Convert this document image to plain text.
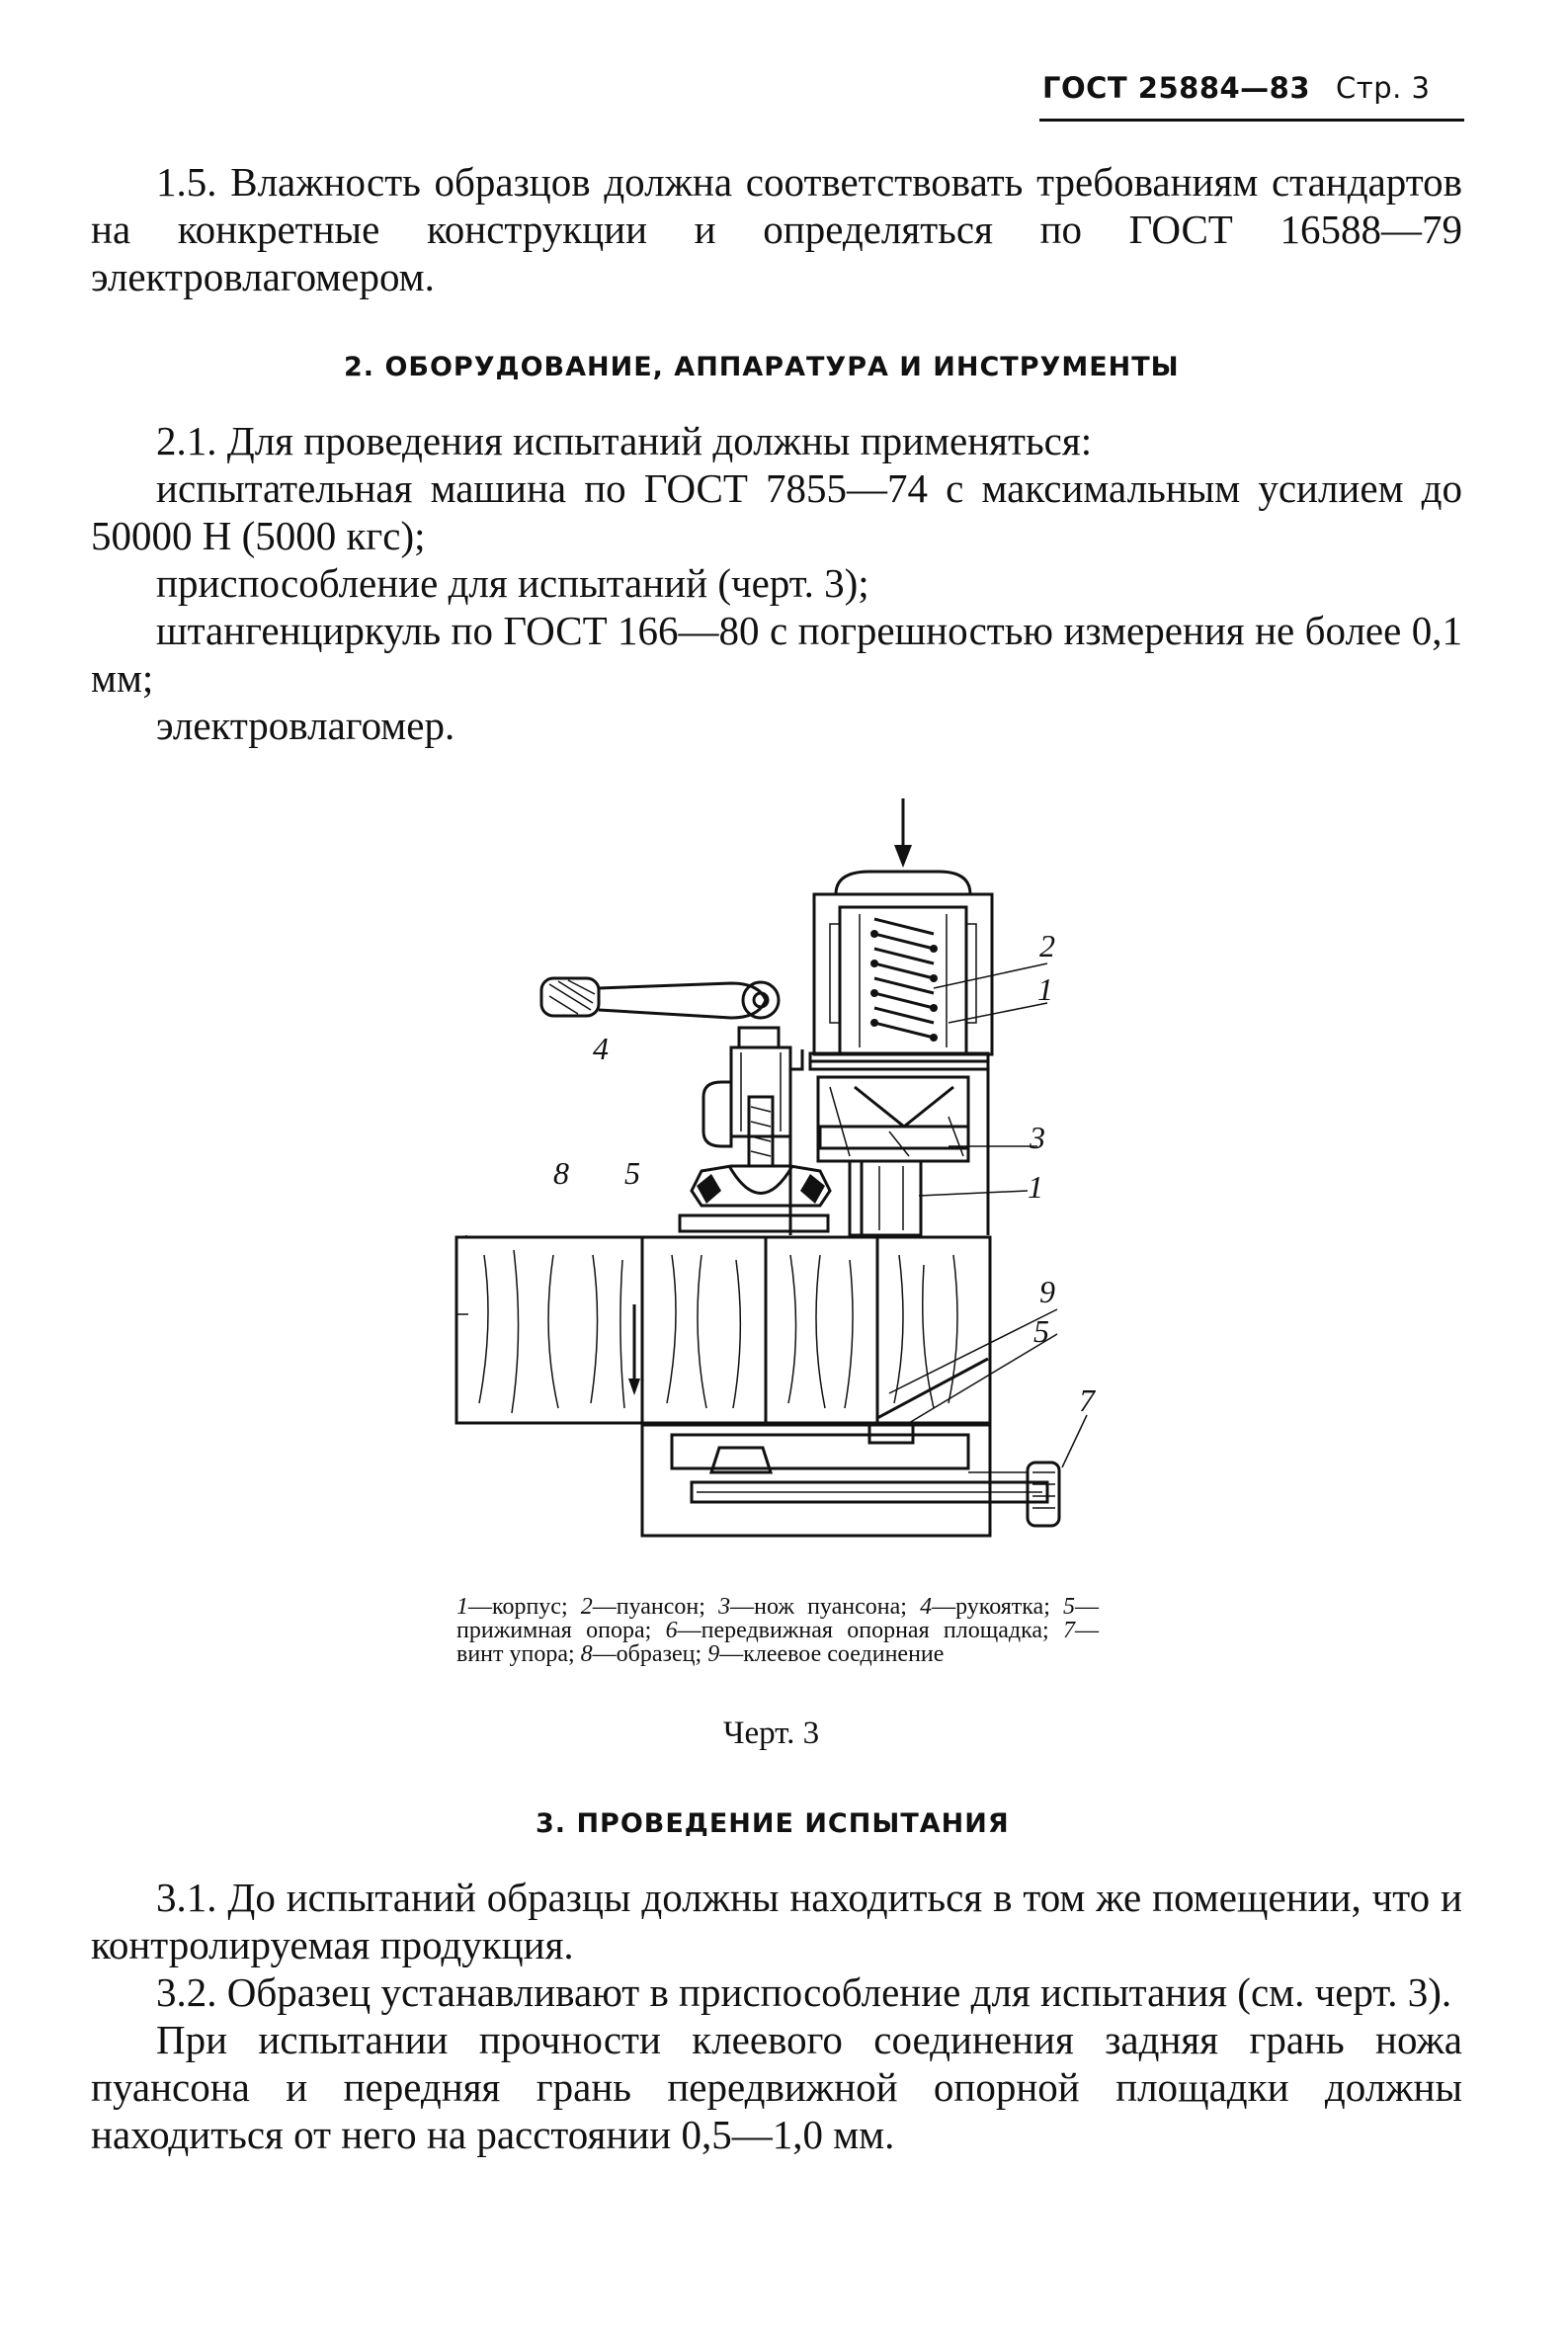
ГОСТ 25884—83 Стр. 3

1.5. Влажность образцов должна соответствовать требованиям стандартов на конкретные конструкции и определяться по ГОСТ 16588—79 электровлагомером.

2. ОБОРУДОВАНИЕ, АППАРАТУРА И ИНСТРУМЕНТЫ

2.1. Для проведения испытаний должны применяться:

испытательная машина по ГОСТ 7855—74 с максимальным усилием до 50000 Н (5000 кгс);

приспособление для испытаний (черт. 3);

штангенциркуль по ГОСТ 166—80 с погрешностью измерения не более 0,1 мм;

электровлагомер.

2
1
4
3
1
8 5
9
5
7
1—корпус; 2—пуансон; 3—нож пуансона; 4—рукоятка; 5—прижимная опора; 6—передвижная опорная площадка; 7—винт упора; 8—образец; 9—клеевое соединение
Черт. 3
3. ПРОВЕДЕНИЕ ИСПЫТАНИЯ

3.1. До испытаний образцы должны находиться в том же помещении, что и контролируемая продукция.

3.2. Образец устанавливают в приспособление для испытания (см. черт. 3).

При испытании прочности клеевого соединения задняя грань ножа пуансона и передняя грань передвижной опорной площадки должны находиться от него на расстоянии 0,5—1,0 мм.
